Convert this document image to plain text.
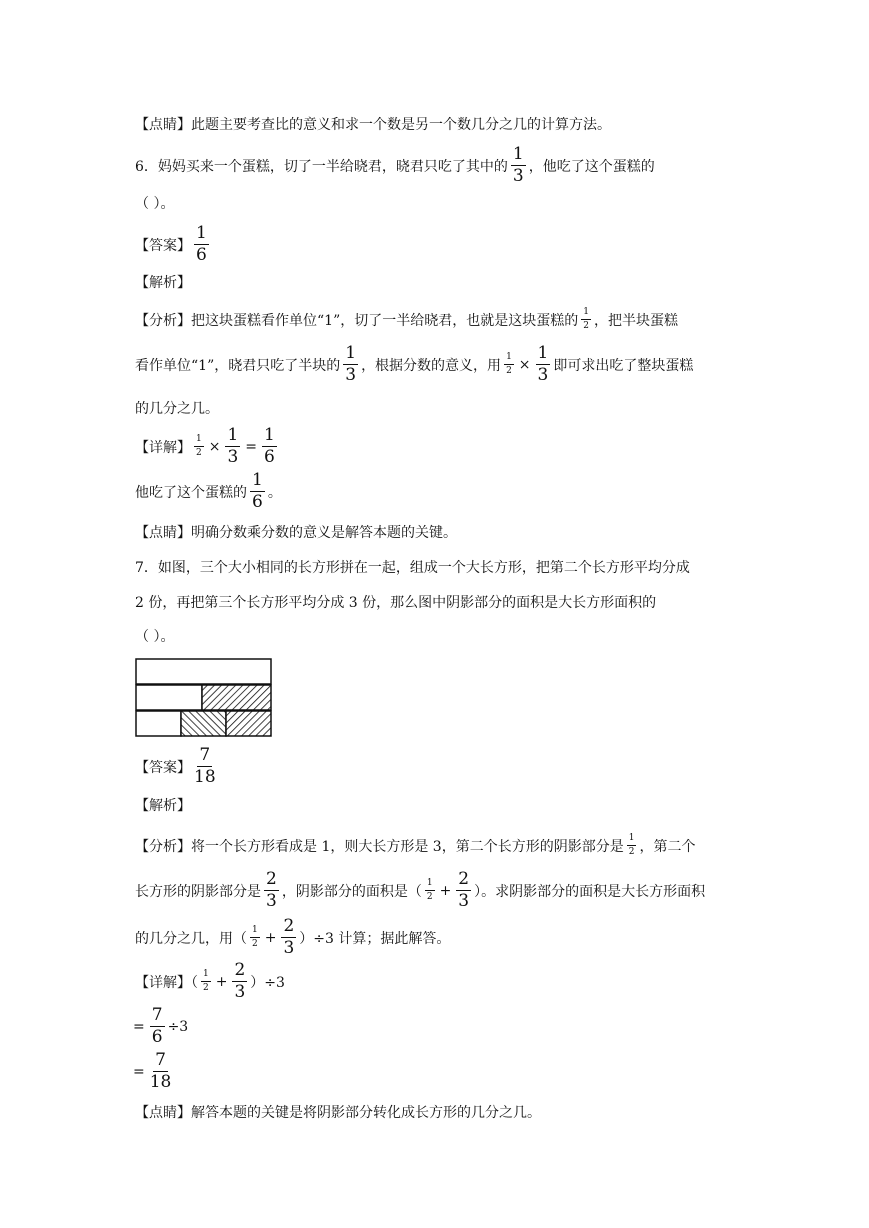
【点睛】此题主要考查比的意义和求一个数是另一个数几分之几的计算方法。
6．妈妈买来一个蛋糕，切了一半给晓君，晓君只吃了其中的 $\frac{1}{3}$ ，他吃了这个蛋糕的
（ ）。
【答案】 $\frac{1}{6}$
【解析】
【分析】把这块蛋糕看作单位“1”，切了一半给晓君，也就是这块蛋糕的 $\frac{1}{2}$ ，把半块蛋糕
看作单位“1”，晓君只吃了半块的 $\frac{1}{3}$ ，根据分数的意义，用 $\frac{1}{2} \times \frac{1}{3}$ 即可求出吃了整块蛋糕
的几分之几。
【详解】 $\frac{1}{2} \times \frac{1}{3} = \frac{1}{6}$
他吃了这个蛋糕的 $\frac{1}{6}$ 。
【点睛】明确分数乘分数的意义是解答本题的关键。
7．如图，三个大小相同的长方形拼在一起，组成一个大长方形，把第二个长方形平均分成
2 份，再把第三个长方形平均分成 3 份，那么图中阴影部分的面积是大长方形面积的
（ ）。
【答案】 $\frac{7}{18}$
【解析】
【分析】将一个长方形看成是 1，则大长方形是 3，第二个长方形的阴影部分是 $\frac{1}{2}$ ，第二个
长方形的阴影部分是 $\frac{2}{3}$ ，阴影部分的面积是（ $\frac{1}{2} + \frac{2}{3}$ ）。求阴影部分的面积是大长方形面积
的几分之几，用（ $\frac{1}{2} + \frac{2}{3} )\div 3$ 计算；据此解答。
【详解】（ $\frac{1}{2} + \frac{2}{3} )\div 3$
= $\frac{7}{6} \div 3$
= $\frac{7}{18}$
【点睛】解答本题的关键是将阴影部分转化成长方形的几分之几。
